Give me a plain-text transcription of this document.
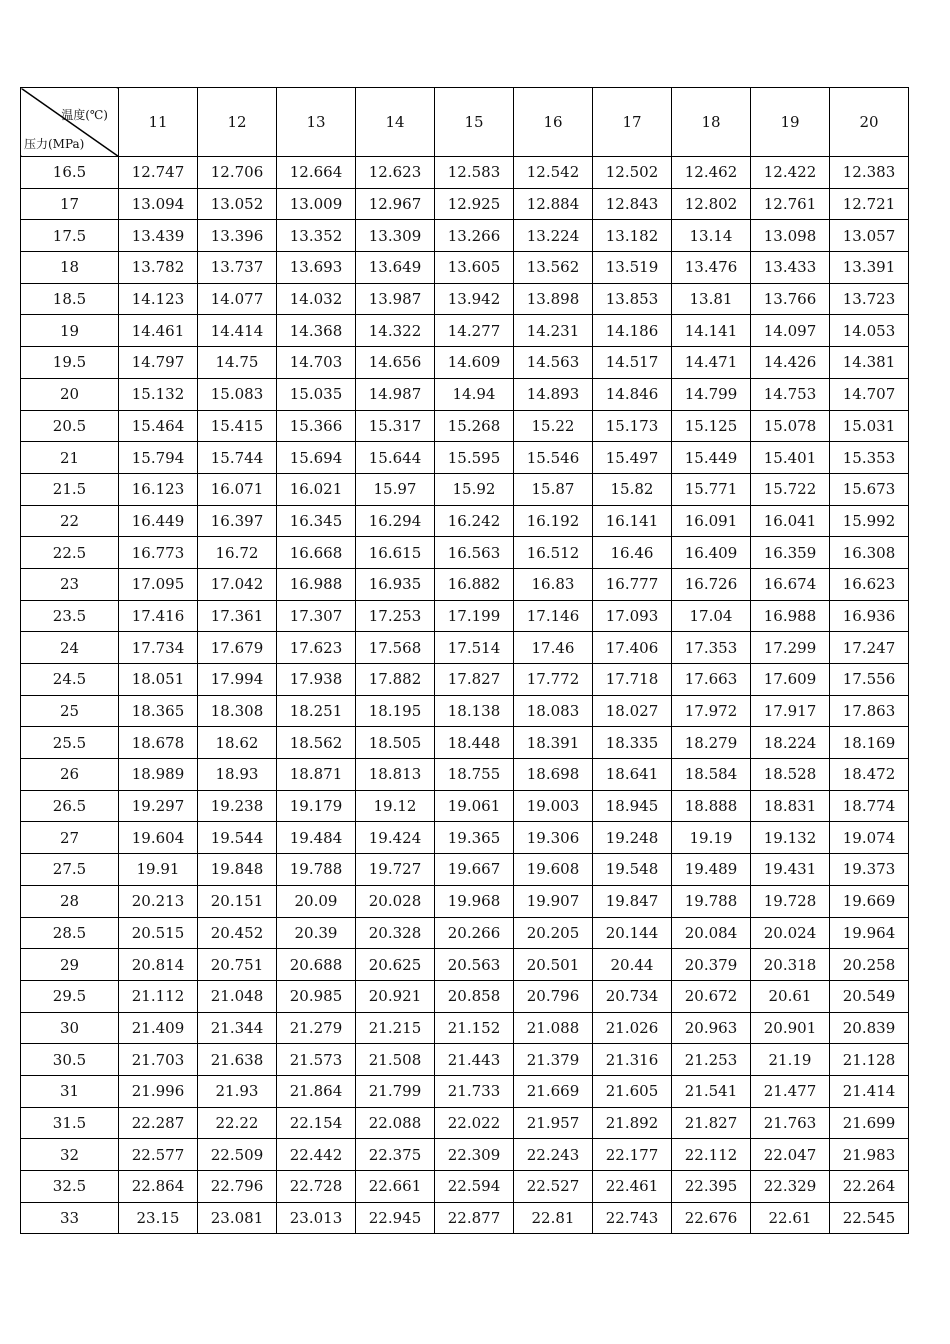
温度(℃)
压力(MPa)	11	12	13	14	15	16	17	18	19	20
16.5	12.747	12.706	12.664	12.623	12.583	12.542	12.502	12.462	12.422	12.383
17	13.094	13.052	13.009	12.967	12.925	12.884	12.843	12.802	12.761	12.721
17.5	13.439	13.396	13.352	13.309	13.266	13.224	13.182	13.14	13.098	13.057
18	13.782	13.737	13.693	13.649	13.605	13.562	13.519	13.476	13.433	13.391
18.5	14.123	14.077	14.032	13.987	13.942	13.898	13.853	13.81	13.766	13.723
19	14.461	14.414	14.368	14.322	14.277	14.231	14.186	14.141	14.097	14.053
19.5	14.797	14.75	14.703	14.656	14.609	14.563	14.517	14.471	14.426	14.381
20	15.132	15.083	15.035	14.987	14.94	14.893	14.846	14.799	14.753	14.707
20.5	15.464	15.415	15.366	15.317	15.268	15.22	15.173	15.125	15.078	15.031
21	15.794	15.744	15.694	15.644	15.595	15.546	15.497	15.449	15.401	15.353
21.5	16.123	16.071	16.021	15.97	15.92	15.87	15.82	15.771	15.722	15.673
22	16.449	16.397	16.345	16.294	16.242	16.192	16.141	16.091	16.041	15.992
22.5	16.773	16.72	16.668	16.615	16.563	16.512	16.46	16.409	16.359	16.308
23	17.095	17.042	16.988	16.935	16.882	16.83	16.777	16.726	16.674	16.623
23.5	17.416	17.361	17.307	17.253	17.199	17.146	17.093	17.04	16.988	16.936
24	17.734	17.679	17.623	17.568	17.514	17.46	17.406	17.353	17.299	17.247
24.5	18.051	17.994	17.938	17.882	17.827	17.772	17.718	17.663	17.609	17.556
25	18.365	18.308	18.251	18.195	18.138	18.083	18.027	17.972	17.917	17.863
25.5	18.678	18.62	18.562	18.505	18.448	18.391	18.335	18.279	18.224	18.169
26	18.989	18.93	18.871	18.813	18.755	18.698	18.641	18.584	18.528	18.472
26.5	19.297	19.238	19.179	19.12	19.061	19.003	18.945	18.888	18.831	18.774
27	19.604	19.544	19.484	19.424	19.365	19.306	19.248	19.19	19.132	19.074
27.5	19.91	19.848	19.788	19.727	19.667	19.608	19.548	19.489	19.431	19.373
28	20.213	20.151	20.09	20.028	19.968	19.907	19.847	19.788	19.728	19.669
28.5	20.515	20.452	20.39	20.328	20.266	20.205	20.144	20.084	20.024	19.964
29	20.814	20.751	20.688	20.625	20.563	20.501	20.44	20.379	20.318	20.258
29.5	21.112	21.048	20.985	20.921	20.858	20.796	20.734	20.672	20.61	20.549
30	21.409	21.344	21.279	21.215	21.152	21.088	21.026	20.963	20.901	20.839
30.5	21.703	21.638	21.573	21.508	21.443	21.379	21.316	21.253	21.19	21.128
31	21.996	21.93	21.864	21.799	21.733	21.669	21.605	21.541	21.477	21.414
31.5	22.287	22.22	22.154	22.088	22.022	21.957	21.892	21.827	21.763	21.699
32	22.577	22.509	22.442	22.375	22.309	22.243	22.177	22.112	22.047	21.983
32.5	22.864	22.796	22.728	22.661	22.594	22.527	22.461	22.395	22.329	22.264
33	23.15	23.081	23.013	22.945	22.877	22.81	22.743	22.676	22.61	22.545
